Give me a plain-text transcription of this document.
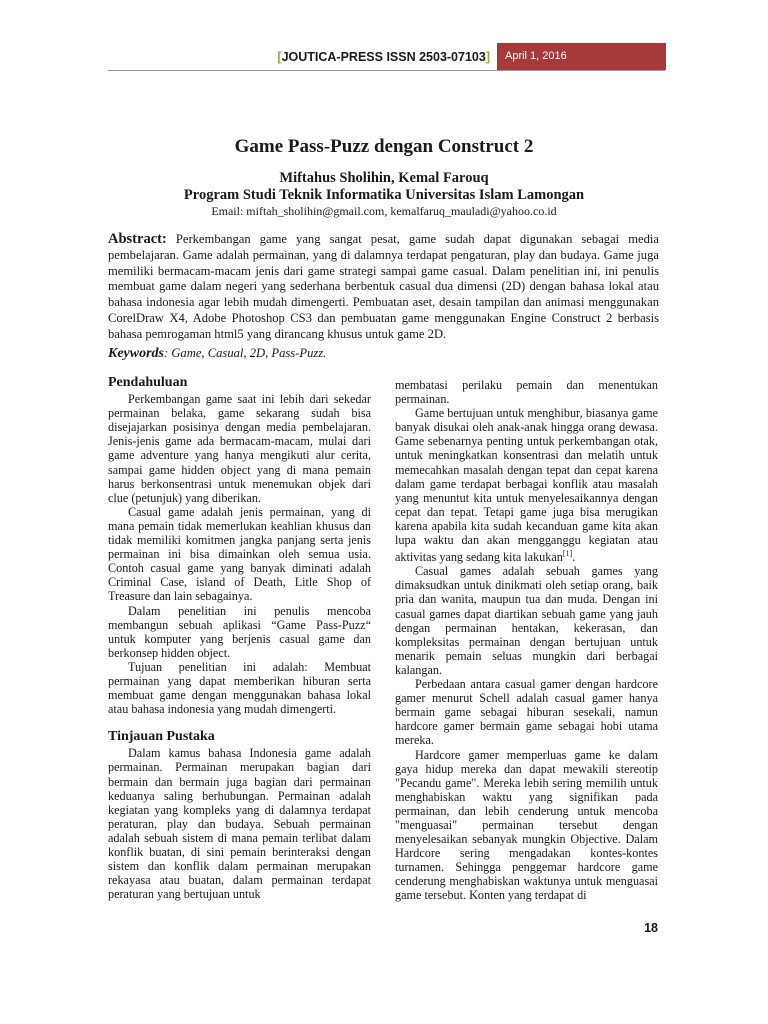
[JOUTICA-PRESS ISSN 2503-07103]	April 1, 2016
Game Pass-Puzz dengan Construct 2
Miftahus Sholihin, Kemal Farouq
Program Studi Teknik Informatika Universitas Islam Lamongan
Email: miftah_sholihin@gmail.com, kemalfaruq_mauladi@yahoo.co.id
Abstract: Perkembangan game yang sangat pesat, game sudah dapat digunakan sebagai media pembelajaran. Game adalah permainan, yang di dalamnya terdapat pengaturan, play dan budaya. Game juga memiliki bermacam-macam jenis dari game strategi sampai game casual. Dalam penelitian ini, ini penulis membuat game dalam negeri yang sederhana berbentuk casual dua dimensi (2D) dengan bahasa lokal atau bahasa indonesia agar lebih mudah dimengerti. Pembuatan aset, desain tampilan dan animasi menggunakan CorelDraw X4, Adobe Photoshop CS3 dan pembuatan game menggunakan Engine Construct 2 berbasis bahasa pemrogaman html5 yang dirancang khusus untuk game 2D.
Keywords: Game, Casual, 2D, Pass-Puzz.
Pendahuluan

Perkembangan game saat ini lebih dari sekedar permainan belaka, game sekarang sudah bisa disejajarkan posisinya dengan media pembelajaran. Jenis-jenis game ada bermacam-macam, mulai dari game adventure yang hanya mengikuti alur cerita, sampai game hidden object yang di mana pemain harus berkonsentrasi untuk menemukan objek dari clue (petunjuk) yang diberikan.

Casual game adalah jenis permainan, yang di mana pemain tidak memerlukan keahlian khusus dan tidak memiliki komitmen jangka panjang serta jenis permainan ini bisa dimainkan oleh semua usia. Contoh casual game yang banyak diminati adalah Criminal Case, island of Death, Litle Shop of Treasure dan lain sebagainya.

Dalam penelitian ini penulis mencoba membangun sebuah aplikasi “Game Pass-Puzz“ untuk komputer yang berjenis casual game dan berkonsep hidden object.

Tujuan penelitian ini adalah: Membuat permainan yang dapat memberikan hiburan serta membuat game dengan menggunakan bahasa lokal atau bahasa indonesia yang mudah dimengerti.

Tinjauan Pustaka

Dalam kamus bahasa Indonesia game adalah permainan. Permainan merupakan bagian dari bermain dan bermain juga bagian dari permainan keduanya saling berhubungan. Permainan adalah kegiatan yang kompleks yang di dalamnya terdapat peraturan, play dan budaya. Sebuah permainan adalah sebuah sistem di mana pemain terlibat dalam konflik buatan, di sini pemain berinteraksi dengan sistem dan konflik dalam permainan merupakan rekayasa atau buatan, dalam permainan terdapat peraturan yang bertujuan untuk

membatasi perilaku pemain dan menentukan permainan.

Game bertujuan untuk menghibur, biasanya game banyak disukai oleh anak-anak hingga orang dewasa. Game sebenarnya penting untuk perkembangan otak, untuk meningkatkan konsentrasi dan melatih untuk memecahkan masalah dengan tepat dan cepat karena dalam game terdapat berbagai konflik atau masalah yang menuntut kita untuk menyelesaikannya dengan cepat dan tepat. Tetapi game juga bisa merugikan karena apabila kita sudah kecanduan game kita akan lupa waktu dan akan mengganggu kegiatan atau aktivitas yang sedang kita lakukan[1].

Casual games adalah sebuah games yang dimaksudkan untuk dinikmati oleh setiap orang, baik pria dan wanita, maupun tua dan muda. Dengan ini casual games dapat diartikan sebuah game yang jauh dengan permainan hentakan, kekerasan, dan kompleksitas permainan dengan bertujuan untuk menarik pemain seluas mungkin dari berbagai kalangan.

Perbedaan antara casual gamer dengan hardcore gamer menurut Schell adalah casual gamer hanya bermain game sebagai hiburan sesekali, namun hardcore gamer bermain game sebagai hobi utama mereka.

Hardcore gamer memperluas game ke dalam gaya hidup mereka dan dapat mewakili stereotip "Pecandu game". Mereka lebih sering memilih untuk menghabiskan waktu yang signifikan pada permainan, dan lebih cenderung untuk mencoba "menguasai" permainan tersebut dengan menyelesaikan sebanyak mungkin Objective. Dalam Hardcore sering mengadakan kontes-kontes turnamen. Sehingga penggemar hardcore game cenderung menghabiskan waktunya untuk menguasai game tersebut. Konten yang terdapat di

18
